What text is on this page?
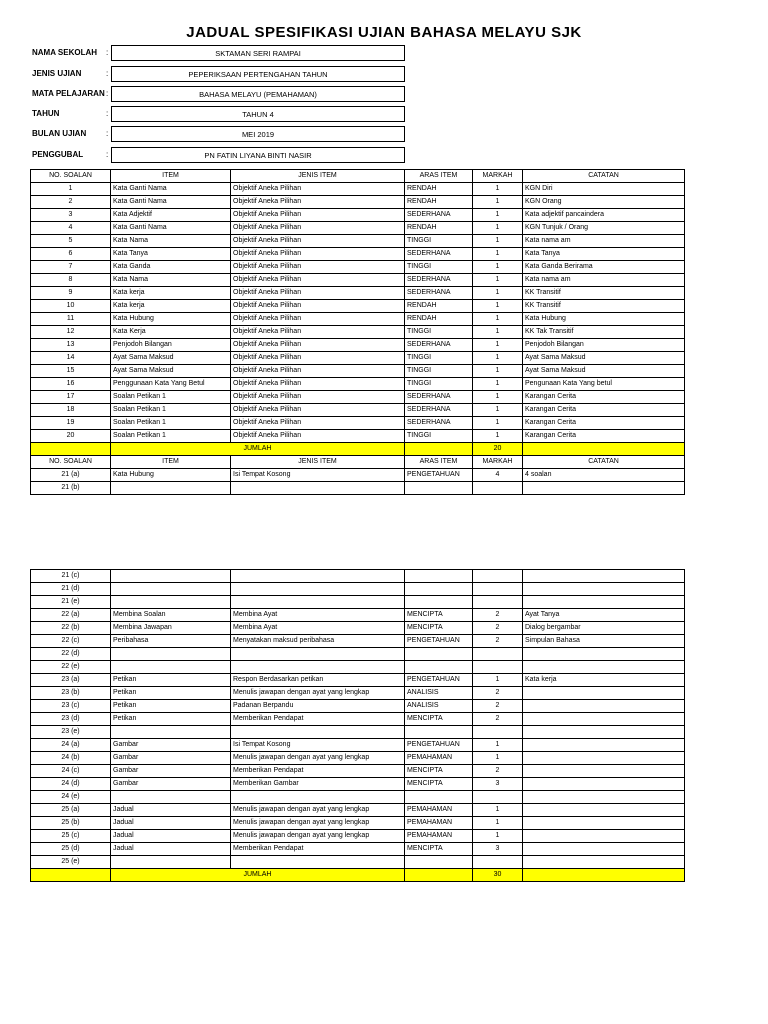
JADUAL SPESIFIKASI UJIAN BAHASA MELAYU SJK
NAMA SEKOLAH :	SKTAMAN SERI RAMPAI
JENIS UJIAN	:	PEPERIKSAAN PERTENGAHAN TAHUN
MATA PELAJARAN :	BAHASA MELAYU (PEMAHAMAN)
TAHUN	:	TAHUN 4
BULAN UJIAN :	MEI 2019
PENGGUBAL	:	PN FATIN LIYANA BINTI NASIR
NO. SOALAN	ITEM	JENIS ITEM	ARAS ITEM	MARKAH	CATATAN
1	Kata Ganti Nama	Objektif Aneka Pilihan	RENDAH	1	KGN Diri
2	Kata Ganti Nama	Objektif Aneka Pilihan	RENDAH	1	KGN Orang
3	Kata Adjektif	Objektif Aneka Pilihan	SEDERHANA	1	Kata adjektif pancaindera
4	Kata Ganti Nama	Objektif Aneka Pilihan	RENDAH	1	KGN Tunjuk / Orang
5	Kata Nama	Objektif Aneka Pilihan	TINGGI	1	Kata nama am
6	Kata Tanya	Objektif Aneka Pilihan	SEDERHANA	1	Kata Tanya
7	Kata Ganda	Objektif Aneka Pilihan	TINGGI	1	Kata Ganda Berirama
8	Kata Nama	Objektif Aneka Pilihan	SEDERHANA	1	Kata nama am
9	Kata kerja	Objektif Aneka Pilihan	SEDERHANA	1	KK Transitif
10	Kata kerja	Objektif Aneka Pilihan	RENDAH	1	KK Transitif
11	Kata Hubung	Objektif Aneka Pilihan	RENDAH	1	Kata Hubung
12	Kata Kerja	Objektif Aneka Pilihan	TINGGI	1	KK Tak Transitif
13	Penjodoh Bilangan	Objektif Aneka Pilihan	SEDERHANA	1	Penjodoh Bilangan
14	Ayat Sama Maksud	Objektif Aneka Pilihan	TINGGI	1	Ayat Sama Maksud
15	Ayat Sama Maksud	Objektif Aneka Pilihan	TINGGI	1	Ayat Sama Maksud
16	Penggunaan Kata Yang Betul	Objektif Aneka Pilihan	TINGGI	1	Pengunaan Kata Yang betul
17	Soalan Petikan 1	Objektif Aneka Pilihan	SEDERHANA	1	Karangan Cerita
18	Soalan Petikan 1	Objektif Aneka Pilihan	SEDERHANA	1	Karangan Cerita
19	Soalan Petikan 1	Objektif Aneka Pilihan	SEDERHANA	1	Karangan Cerita
20	Soalan Petikan 1	Objektif Aneka Pilihan	TINGGI	1	Karangan Cerita
	JUMLAH			20	
NO. SOALAN	ITEM	JENIS ITEM	ARAS ITEM	MARKAH	CATATAN
21 (a)	Kata Hubung	Isi Tempat Kosong	PENGETAHUAN	4	4 soalan
21 (b)					
21 (c)					
21 (d)					
21 (e)					
22 (a)	Membina Soalan	Membina Ayat	MENCIPTA	2	Ayat Tanya
22 (b)	Membina Jawapan	Membina Ayat	MENCIPTA	2	Dialog bergambar
22 (c)	Peribahasa	Menyatakan maksud peribahasa	PENGETAHUAN	2	Simpulan Bahasa
22 (d)					
22 (e)					
23 (a)	Petikan	Respon Berdasarkan petikan	PENGETAHUAN	1	Kata kerja
23 (b)	Petikan	Menulis jawapan dengan ayat yang lengkap	ANALISIS	2	
23 (c)	Petikan	Padanan Berpandu	ANALISIS	2	
23 (d)	Petikan	Memberikan Pendapat	MENCIPTA	2	
23 (e)					
24 (a)	Gambar	Isi Tempat Kosong	PENGETAHUAN	1	
24 (b)	Gambar	Menulis jawapan dengan ayat yang lengkap	PEMAHAMAN	1	
24 (c)	Gambar	Memberikan Pendapat	MENCIPTA	2	
24 (d)	Gambar	Memberikan Gambar	MENCIPTA	3	
24 (e)					
25 (a)	Jadual	Menulis jawapan dengan ayat yang lengkap	PEMAHAMAN	1	
25 (b)	Jadual	Menulis jawapan dengan ayat yang lengkap	PEMAHAMAN	1	
25 (c)	Jadual	Menulis jawapan dengan ayat yang lengkap	PEMAHAMAN	1	
25 (d)	Jadual	Memberikan Pendapat	MENCIPTA	3	
25 (e)					
	JUMLAH			30	
